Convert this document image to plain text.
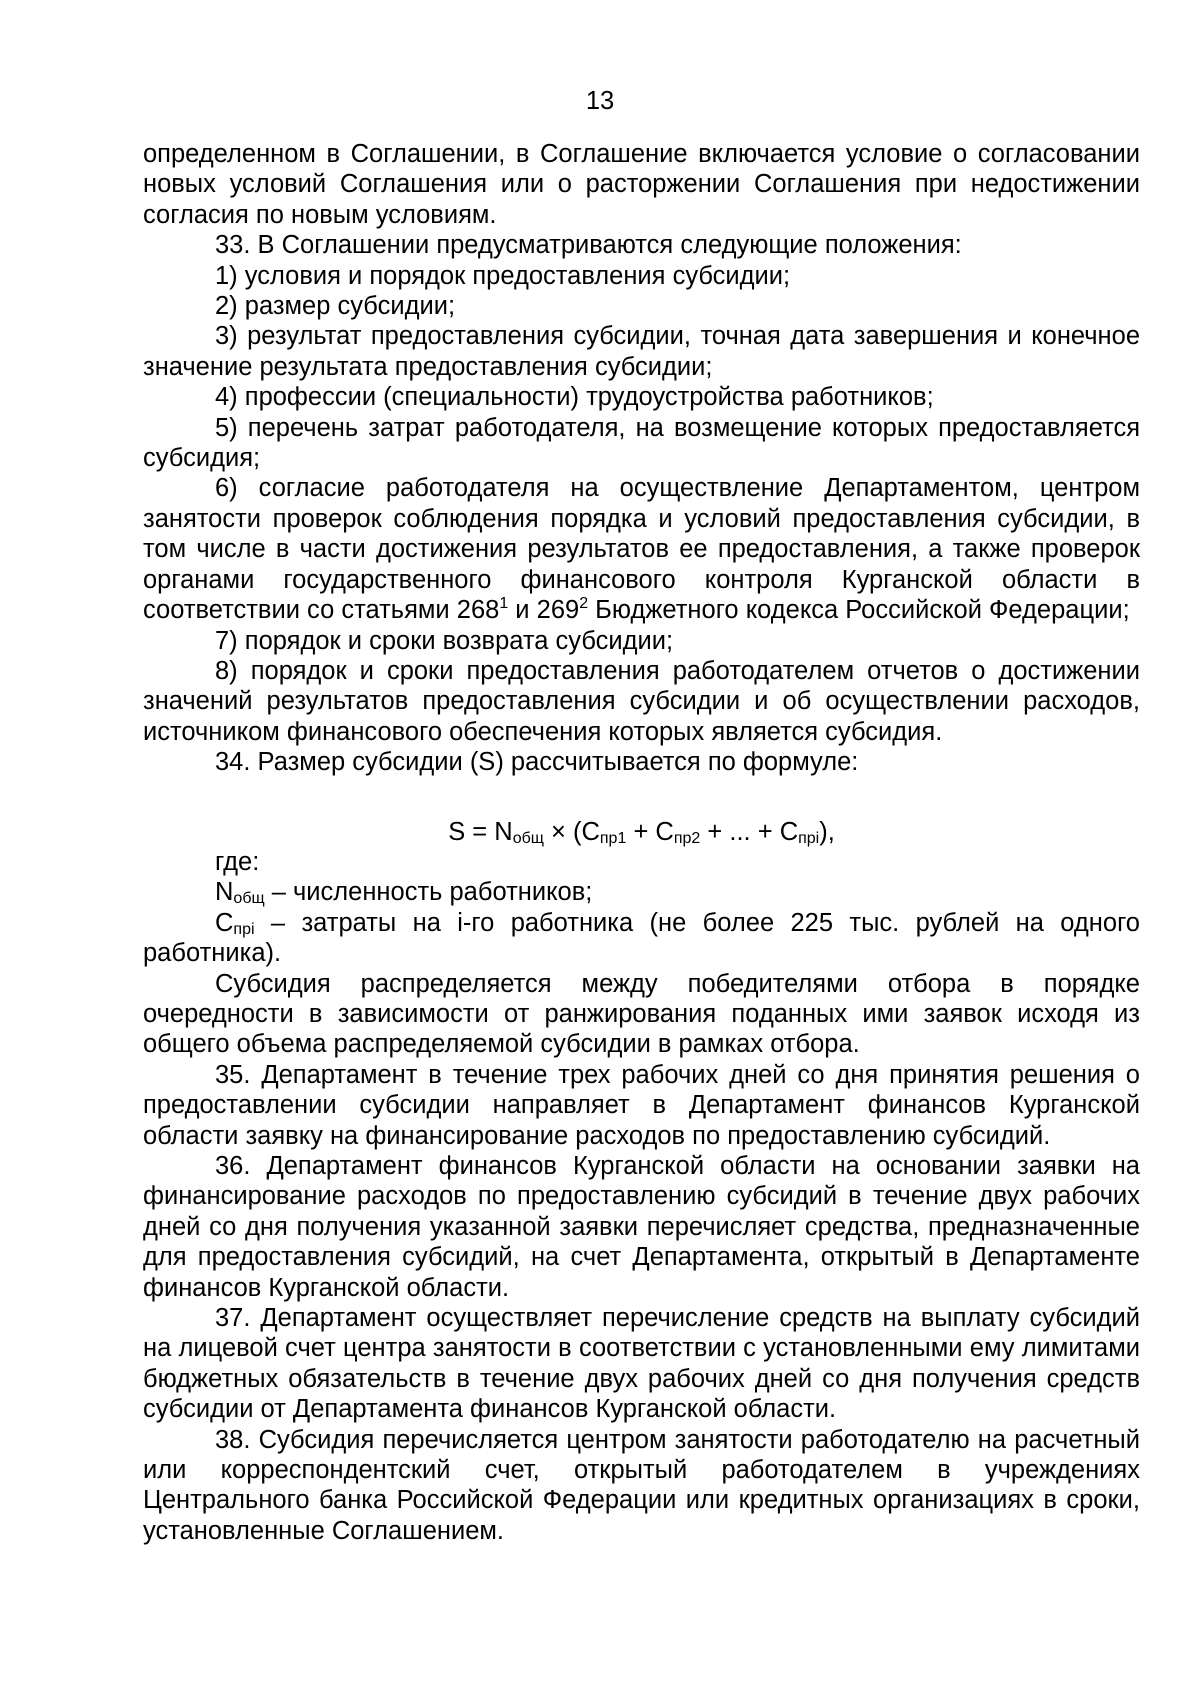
13

определенном в Соглашении, в Соглашение включается условие о согласовании новых условий Соглашения или о расторжении Соглашения при недостижении согласия по новым условиям.

33. В Соглашении предусматриваются следующие положения:

1) условия и порядок предоставления субсидии;

2) размер субсидии;

3) результат предоставления субсидии, точная дата завершения и конечное значение результата предоставления субсидии;

4) профессии (специальности) трудоустройства работников;

5) перечень затрат работодателя, на возмещение которых предоставляется субсидия;

6) согласие работодателя на осуществление Департаментом, центром занятости проверок соблюдения порядка и условий предоставления субсидии, в том числе в части достижения результатов ее предоставления, а также проверок органами государственного финансового контроля Курганской области в соответствии со статьями $268^1$ и $269^2$ Бюджетного кодекса Российской Федерации;

7) порядок и сроки возврата субсидии;

8) порядок и сроки предоставления работодателем отчетов о достижении значений результатов предоставления субсидии и об осуществлении расходов, источником финансового обеспечения которых является субсидия.

34. Размер субсидии (S) рассчитывается по формуле:

$S = N_{общ} \times (C_{пр1} + C_{пр2}$ + ... + $C_{прi}$),

где:

$N_{общ}$ – численность работников;

$C_{прi}$ – затраты на i-го работника (не более 225 тыс. рублей на одного работника).

Субсидия распределяется между победителями отбора в порядке очередности в зависимости от ранжирования поданных ими заявок исходя из общего объема распределяемой субсидии в рамках отбора.

35. Департамент в течение трех рабочих дней со дня принятия решения о предоставлении субсидии направляет в Департамент финансов Курганской области заявку на финансирование расходов по предоставлению субсидий.

36. Департамент финансов Курганской области на основании заявки на финансирование расходов по предоставлению субсидий в течение двух рабочих дней со дня получения указанной заявки перечисляет средства, предназначенные для предоставления субсидий, на счет Департамента, открытый в Департаменте финансов Курганской области.

37. Департамент осуществляет перечисление средств на выплату субсидий на лицевой счет центра занятости в соответствии с установленными ему лимитами бюджетных обязательств в течение двух рабочих дней со дня получения средств субсидии от Департамента финансов Курганской области.

38. Субсидия перечисляется центром занятости работодателю на расчетный или корреспондентский счет, открытый работодателем в учреждениях Центрального банка Российской Федерации или кредитных организациях в сроки, установленные Соглашением.
